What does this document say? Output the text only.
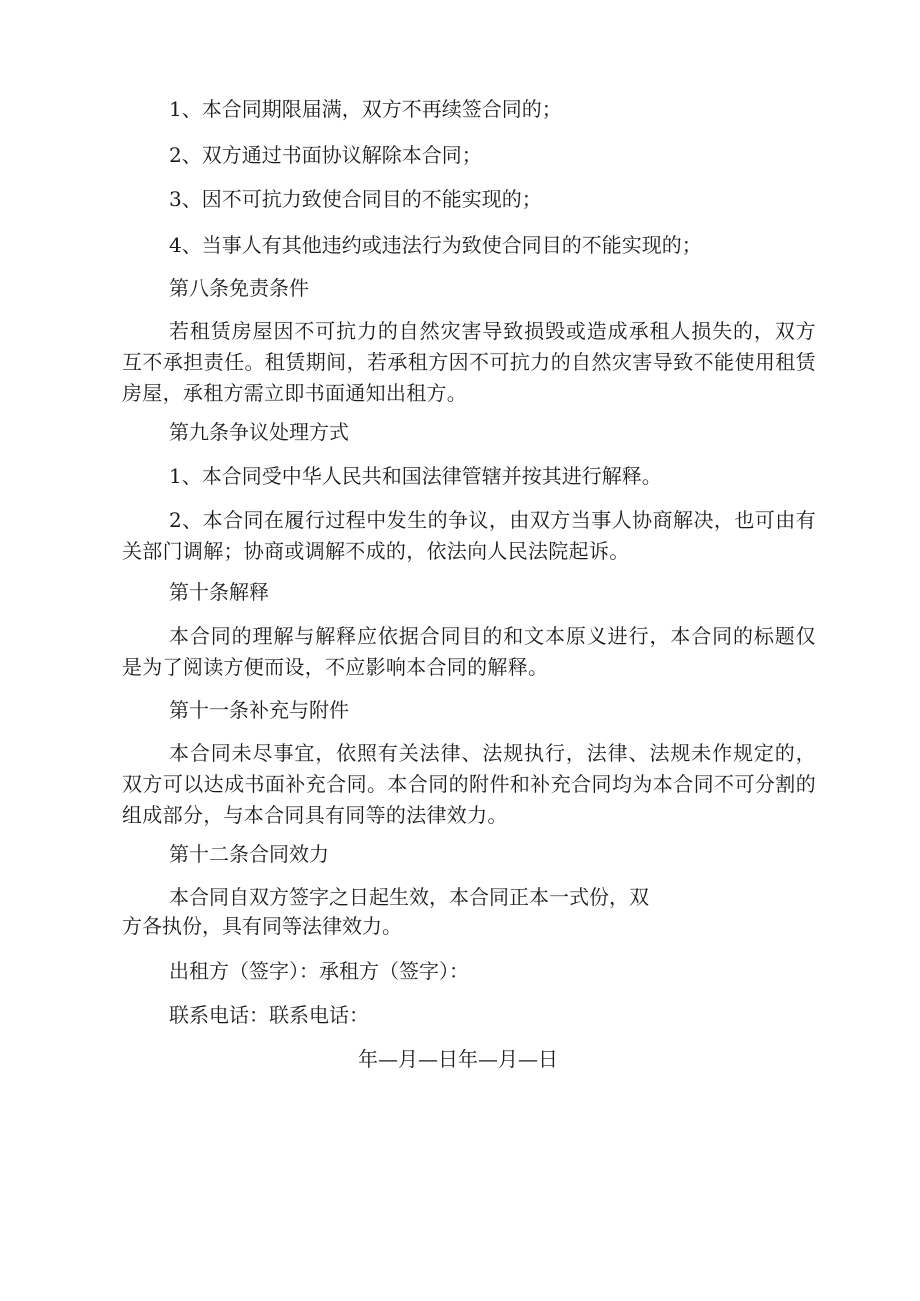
1、本合同期限届满，双方不再续签合同的；
2、双方通过书面协议解除本合同；
3、因不可抗力致使合同目的不能实现的；
4、当事人有其他违约或违法行为致使合同目的不能实现的；
第八条免责条件
若租赁房屋因不可抗力的自然灾害导致损毁或造成承租人损失的，双方互不承担责任。租赁期间，若承租方因不可抗力的自然灾害导致不能使用租赁房屋，承租方需立即书面通知出租方。
第九条争议处理方式
1、本合同受中华人民共和国法律管辖并按其进行解释。
2、本合同在履行过程中发生的争议，由双方当事人协商解决，也可由有关部门调解；协商或调解不成的，依法向人民法院起诉。
第十条解释
本合同的理解与解释应依据合同目的和文本原义进行，本合同的标题仅是为了阅读方便而设，不应影响本合同的解释。
第十一条补充与附件
本合同未尽事宜，依照有关法律、法规执行，法律、法规未作规定的，双方可以达成书面补充合同。本合同的附件和补充合同均为本合同不可分割的组成部分，与本合同具有同等的法律效力。
第十二条合同效力
本合同自双方签字之日起生效，本合同正本一式份，双
方各执份，具有同等法律效力。
出租方（签字）：承租方（签字）：
联系电话：联系电话：
年—月—日年—月—日
